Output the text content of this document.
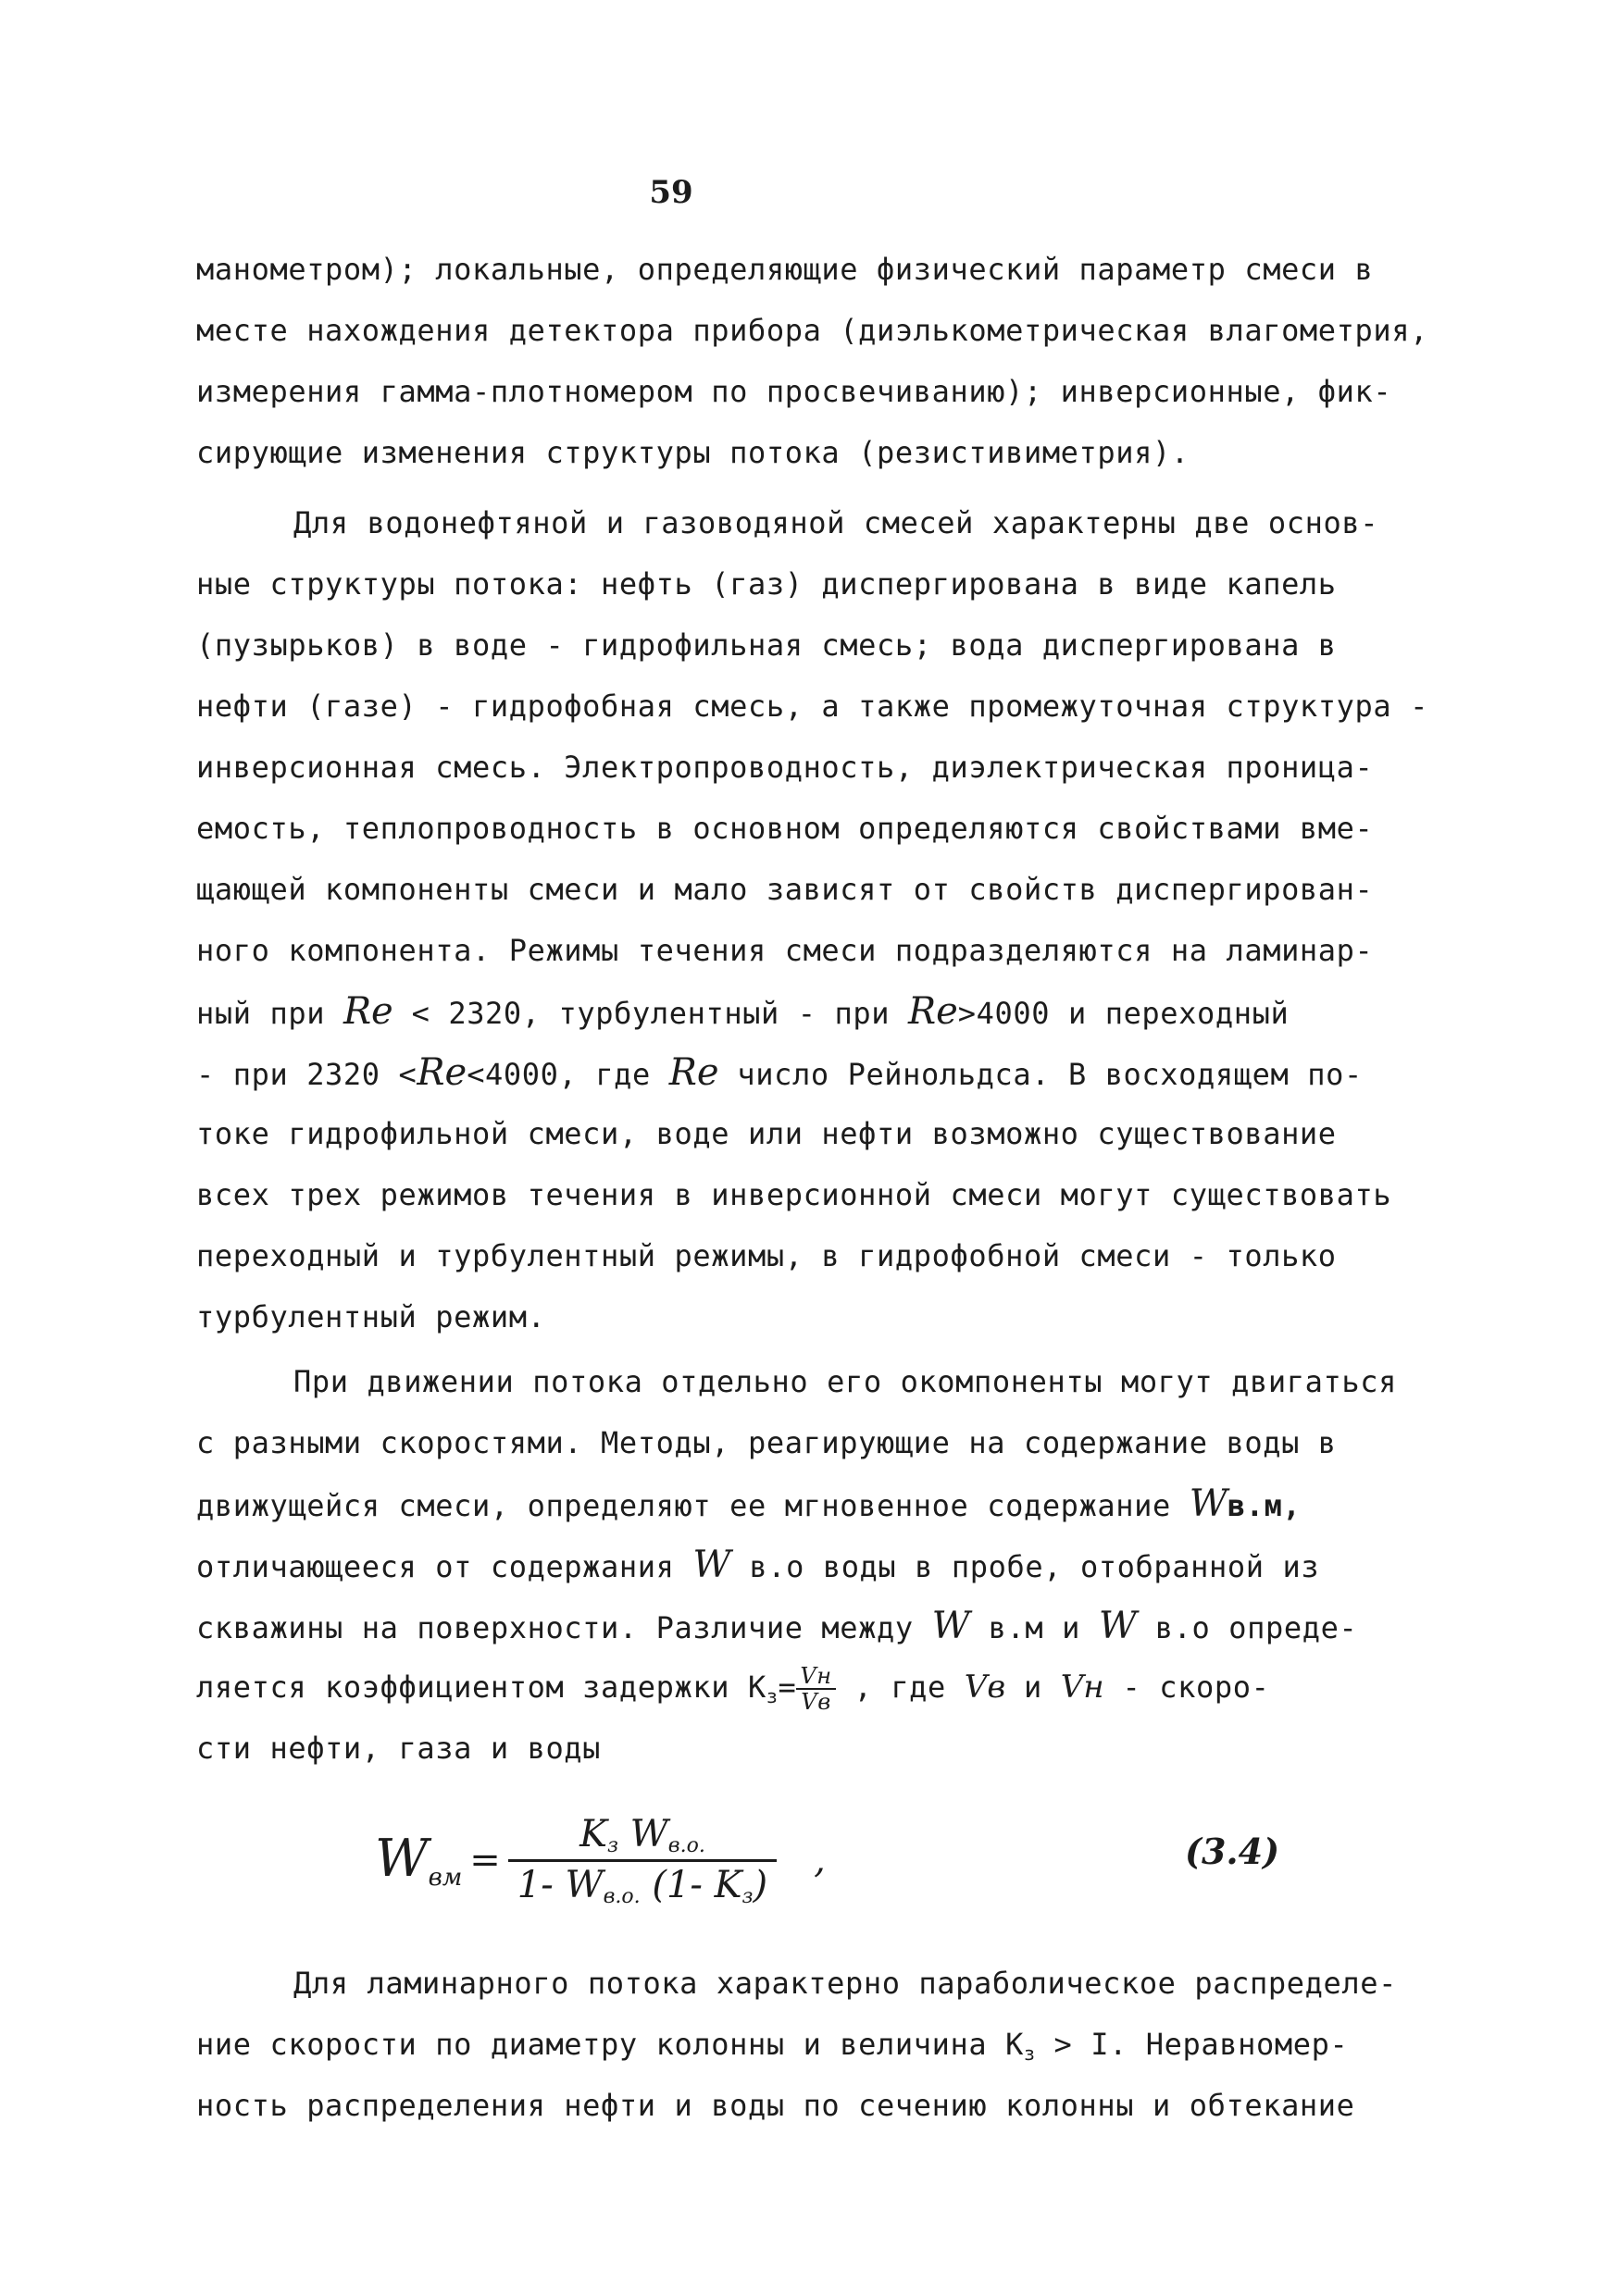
59
манометром); локальные, определяющие физический параметр смеси в
месте нахождения детектора прибора (диэлькометрическая влагометрия,
измерения гамма-плотномером по просвечиванию); инверсионные, фик-
сирующие изменения структуры потока (резистивиметрия).
Для водонефтяной и газоводяной смесей характерны две основ-
ные структуры потока: нефть (газ) диспергирована в виде капель
(пузырьков) в воде - гидрофильная смесь; вода диспергирована в
нефти (газе) - гидрофобная смесь, а также промежуточная структура -
инверсионная смесь. Электропроводность, диэлектрическая проница-
емость, теплопроводность в основном определяются свойствами вме-
щающей компоненты смеси и мало зависят от свойств диспергирован-
ного компонента. Режимы течения смеси подразделяются на ламинар-
ный при Re < 2320, турбулентный - при Re>4000 и переходный
- при 2320 <Re<4000, где Re число Рейнольдса. В восходящем по-
токе гидрофильной смеси, воде или нефти возможно существование
всех трех режимов течения в инверсионной смеси могут существовать
переходный и турбулентный режимы, в гидрофобной смеси - только
турбулентный режим.
При движении потока отдельно его окомпоненты могут двигаться
с разными скоростями. Методы, реагирующие на содержание воды в
движущейся смеси, определяют ее мгновенное содержание Wв.м,
отличающееся от содержания W в.о воды в пробе, отобранной из
скважины на поверхности. Различие между W в.м и W в.о опреде-
ляется коэффициентом задержки $К_з= \frac{Vн}{Vв}$ , где Vв и Vн - скоро-
сти нефти, газа и воды
$W_{вм} = \frac{K_з W_{в.о.}}{1- W_{в.о.} (1- K_з)}$ ,	(3.4)
Для ламинарного потока характерно параболическое распределе-
ние скорости по диаметру колонны и величина $К_з > I$. Неравномер-
ность распределения нефти и воды по сечению колонны и обтекание
